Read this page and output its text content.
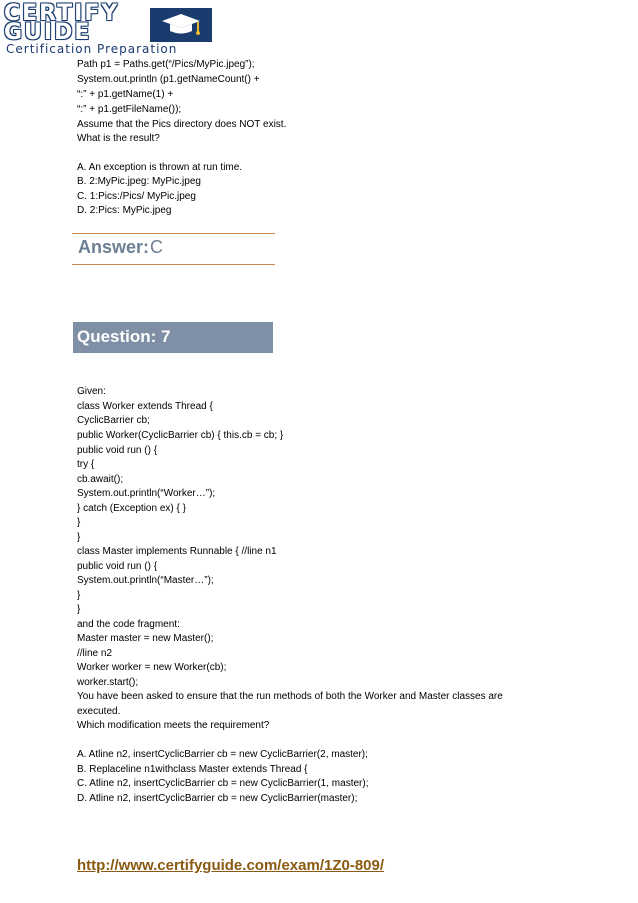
CERTIFY
GUIDE
Certification Preparation
Path p1 = Paths.get(“/Pics/MyPic.jpeg”);
System.out.println (p1.getNameCount() +
“:” + p1.getName(1) +
“:” + p1.getFileName());
Assume that the Pics directory does NOT exist.
What is the result?
A. An exception is thrown at run time.
B. 2:MyPic.jpeg: MyPic.jpeg
C. 1:Pics:/Pics/ MyPic.jpeg
D. 2:Pics: MyPic.jpeg
Answer: C
Question: 7
Given:
class Worker extends Thread {
CyclicBarrier cb;
public Worker(CyclicBarrier cb) { this.cb = cb; }
public void run () {
try {
cb.await();
System.out.println(“Worker…”);
} catch (Exception ex) { }
}
}
class Master implements Runnable { //line n1
public void run () {
System.out.println(“Master…”);
}
}
and the code fragment:
Master master = new Master();
//line n2
Worker worker = new Worker(cb);
worker.start();
You have been asked to ensure that the run methods of both the Worker and Master classes are
executed.
Which modification meets the requirement?
A. Atline n2, insertCyclicBarrier cb = new CyclicBarrier(2, master);
B. Replaceline n1withclass Master extends Thread {
C. Atline n2, insertCyclicBarrier cb = new CyclicBarrier(1, master);
D. Atline n2, insertCyclicBarrier cb = new CyclicBarrier(master);
http://www.certifyguide.com/exam/1Z0-809/
